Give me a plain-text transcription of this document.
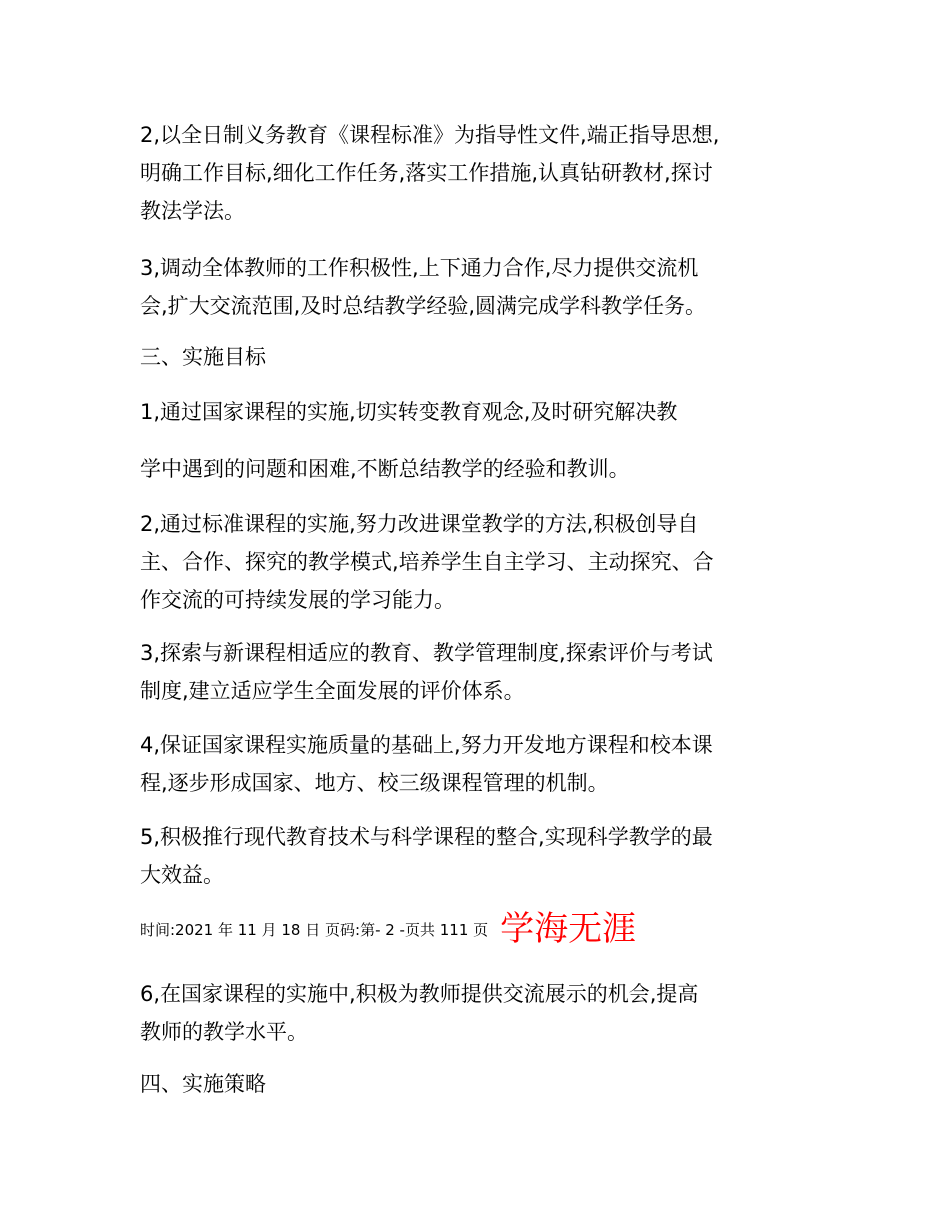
2,以全日制义务教育《课程标准》为指导性文件,端正指导思想,
明确工作目标,细化工作任务,落实工作措施,认真钻研教材,探讨
教法学法。
3,调动全体教师的工作积极性,上下通力合作,尽力提供交流机
会,扩大交流范围,及时总结教学经验,圆满完成学科教学任务。
三、实施目标
1,通过国家课程的实施,切实转变教育观念,及时研究解决教
学中遇到的问题和困难,不断总结教学的经验和教训。
2,通过标准课程的实施,努力改进课堂教学的方法,积极创导自
主、合作、探究的教学模式,培养学生自主学习、主动探究、合
作交流的可持续发展的学习能力。
3,探索与新课程相适应的教育、教学管理制度,探索评价与考试
制度,建立适应学生全面发展的评价体系。
4,保证国家课程实施质量的基础上,努力开发地方课程和校本课
程,逐步形成国家、地方、校三级课程管理的机制。
5,积极推行现代教育技术与科学课程的整合,实现科学教学的最
大效益。
时间:2021 年 11 月 18 日 页码:第- 2 -页共 111 页 学海无涯
6,在国家课程的实施中,积极为教师提供交流展示的机会,提高
教师的教学水平。
四、实施策略
